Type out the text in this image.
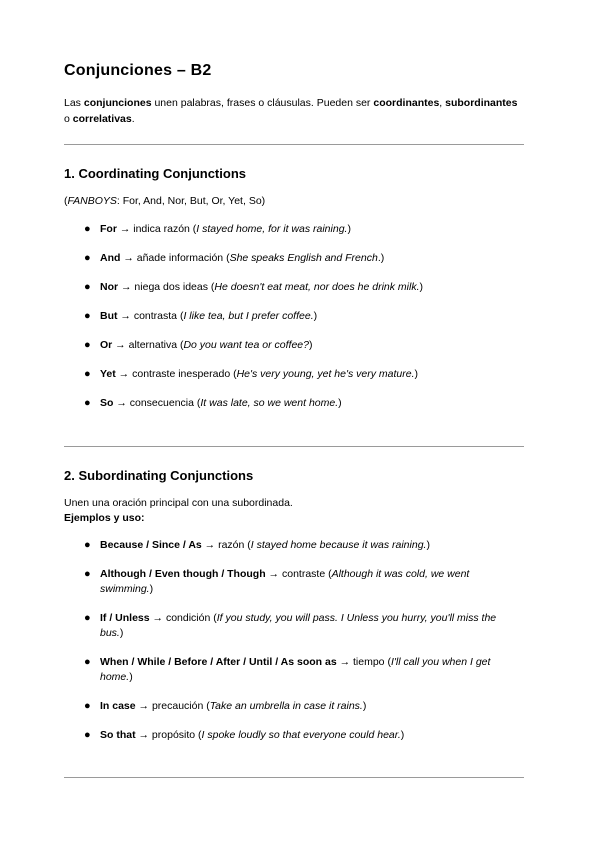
Conjunciones – B2

Las conjunciones unen palabras, frases o cláusulas. Pueden ser coordinantes, subordinantes o correlativas.

1. Coordinating Conjunctions

(FANBOYS: For, And, Nor, But, Or, Yet, So)

● For → indica razón (I stayed home, for it was raining.)
● And → añade información (She speaks English and French.)
● Nor → niega dos ideas (He doesn't eat meat, nor does he drink milk.)
● But → contrasta (I like tea, but I prefer coffee.)
● Or → alternativa (Do you want tea or coffee?)
● Yet → contraste inesperado (He's very young, yet he's very mature.)
● So → consecuencia (It was late, so we went home.)
2. Subordinating Conjunctions

Unen una oración principal con una subordinada.

Ejemplos y uso:

● Because / Since / As → razón (I stayed home because it was raining.)
● Although / Even though / Though → contraste (Although it was cold, we went swimming.)
● If / Unless → condición (If you study, you will pass. I Unless you hurry, you'll miss the bus.)
● When / While / Before / After / Until / As soon as → tiempo (I'll call you when I get home.)
● In case → precaución (Take an umbrella in case it rains.)
● So that → propósito (I spoke loudly so that everyone could hear.)
